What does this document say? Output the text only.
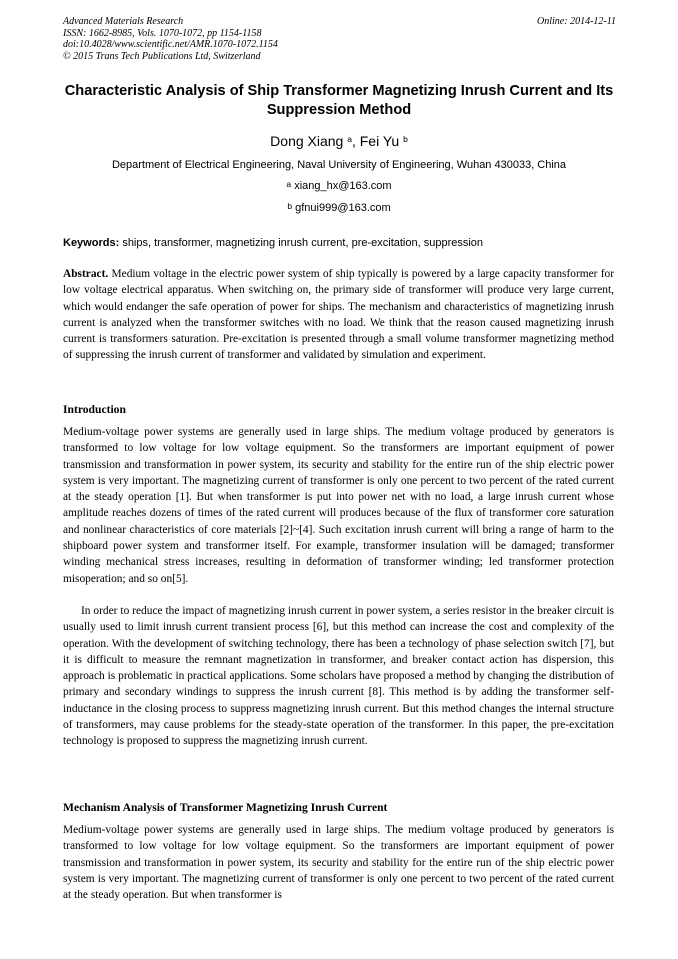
Advanced Materials Research
ISSN: 1662-8985, Vols. 1070-1072, pp 1154-1158
doi:10.4028/www.scientific.net/AMR.1070-1072.1154
© 2015 Trans Tech Publications Ltd, Switzerland
Online: 2014-12-11
Characteristic Analysis of Ship Transformer Magnetizing Inrush Current and Its Suppression Method
Dong Xiang $^a$, Fei Yu $^b$
Department of Electrical Engineering, Naval University of Engineering, Wuhan 430033, China
$^a$ xiang_hx@163.com
$^b$ gfnui999@163.com
Keywords: ships, transformer, magnetizing inrush current, pre-excitation, suppression
Abstract. Medium voltage in the electric power system of ship typically is powered by a large capacity transformer for low voltage electrical apparatus. When switching on, the primary side of transformer will produce very large current, which would endanger the safe operation of power for ships. The mechanism and characteristics of magnetizing inrush current is analyzed when the transformer switches with no load. We think that the reason caused magnetizing inrush current is transformers saturation. Pre-excitation is presented through a small volume transformer magnetizing method of suppressing the inrush current of transformer and validated by simulation and experiment.
Introduction
Medium-voltage power systems are generally used in large ships. The medium voltage produced by generators is transformed to low voltage for low voltage equipment. So the transformers are important equipment of power transmission and transformation in power system, its security and stability for the entire run of the ship electric power system is very important. The magnetizing current of transformer is only one percent to two percent of the rated current at the steady operation [1]. But when transformer is put into power net with no load, a large inrush current whose amplitude reaches dozens of times of the rated current will produces because of the flux of transformer core saturation and nonlinear characteristics of core materials [2]~[4]. Such excitation inrush current will bring a range of harm to the shipboard power system and transformer itself. For example, transformer insulation will be damaged; transformer winding mechanical stress increases, resulting in deformation of transformer winding; led transformer protection misoperation; and so on[5].
In order to reduce the impact of magnetizing inrush current in power system, a series resistor in the breaker circuit is usually used to limit inrush current transient process [6], but this method can increase the cost and complexity of the operation. With the development of switching technology, there has been a technology of phase selection switch [7], but it is difficult to measure the remnant magnetization in transformer, and breaker contact action has dispersion, this approach is problematic in practical applications. Some scholars have proposed a method by changing the distribution of primary and secondary windings to suppress the inrush current [8]. This method is by adding the transformer self-inductance in the closing process to suppress magnetizing inrush current. But this method changes the internal structure of transformers, may cause problems for the steady-state operation of the transformer. In this paper, the pre-excitation technology is proposed to suppress the magnetizing inrush current.
Mechanism Analysis of Transformer Magnetizing Inrush Current
Medium-voltage power systems are generally used in large ships. The medium voltage produced by generators is transformed to low voltage for low voltage equipment. So the transformers are important equipment of power transmission and transformation in power system, its security and stability for the entire run of the ship electric power system is very important. The magnetizing current of transformer is only one percent to two percent of the rated current at the steady operation. But when transformer is
